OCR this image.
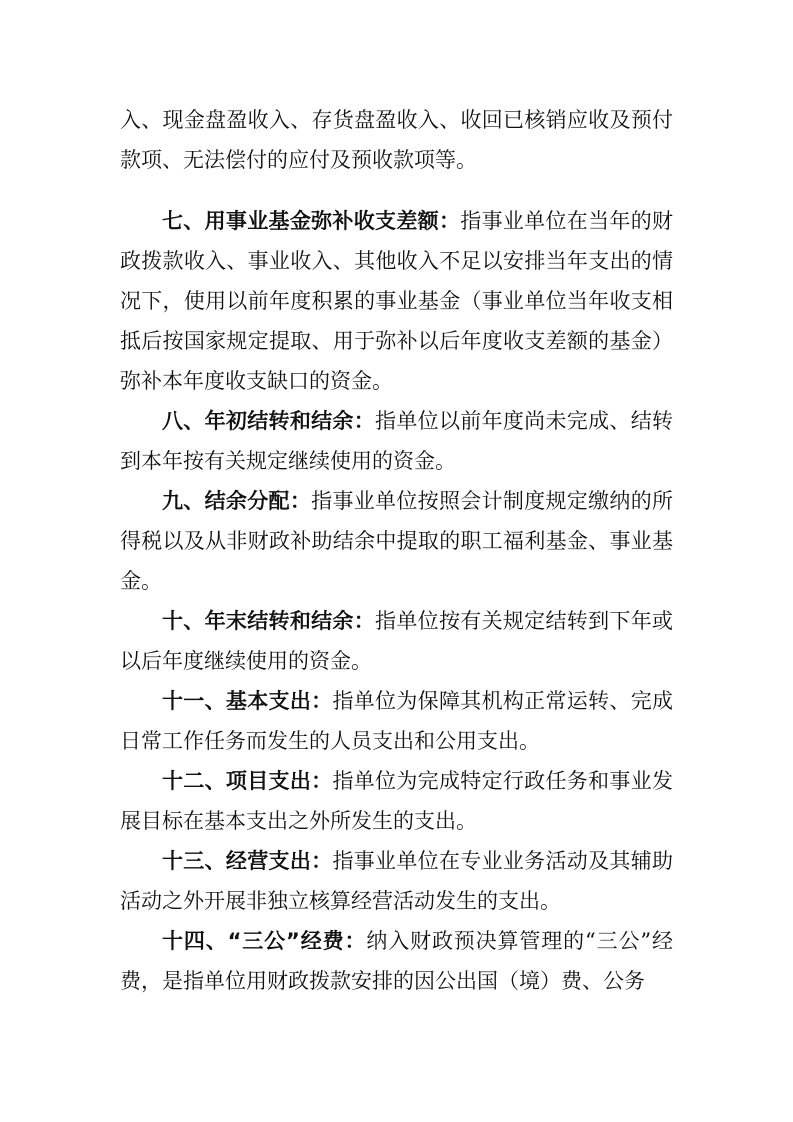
入、现金盘盈收入、存货盘盈收入、收回已核销应收及预付款项、无法偿付的应付及预收款项等。

七、用事业基金弥补收支差额：指事业单位在当年的财政拨款收入、事业收入、其他收入不足以安排当年支出的情况下，使用以前年度积累的事业基金（事业单位当年收支相抵后按国家规定提取、用于弥补以后年度收支差额的基金）弥补本年度收支缺口的资金。

八、年初结转和结余：指单位以前年度尚未完成、结转到本年按有关规定继续使用的资金。

九、结余分配：指事业单位按照会计制度规定缴纳的所得税以及从非财政补助结余中提取的职工福利基金、事业基金。

十、年末结转和结余：指单位按有关规定结转到下年或以后年度继续使用的资金。

十一、基本支出：指单位为保障其机构正常运转、完成日常工作任务而发生的人员支出和公用支出。

十二、项目支出：指单位为完成特定行政任务和事业发展目标在基本支出之外所发生的支出。

十三、经营支出：指事业单位在专业业务活动及其辅助活动之外开展非独立核算经营活动发生的支出。

十四、“三公”经费：纳入财政预决算管理的“三公”经费，是指单位用财政拨款安排的因公出国（境）费、公务
